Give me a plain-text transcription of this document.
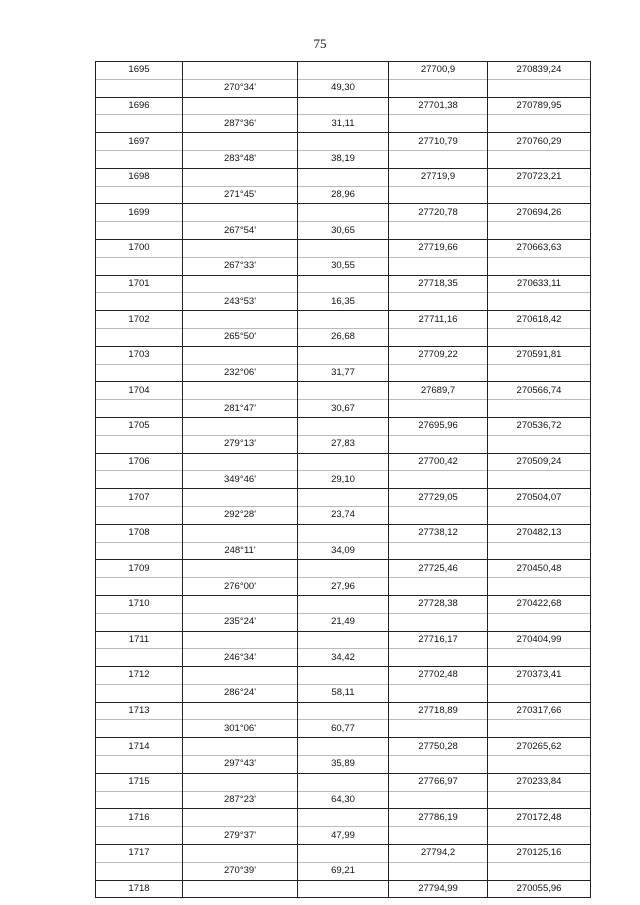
75
1695			27700,9	270839,24
	270°34'	49,30		
1696			27701,38	270789,95
	287°36'	31,11		
1697			27710,79	270760,29
	283°48'	38,19		
1698			27719,9	270723,21
	271°45'	28,96		
1699			27720,78	270694,26
	267°54'	30,65		
1700			27719,66	270663,63
	267°33'	30,55		
1701			27718,35	270633,11
	243°53'	16,35		
1702			27711,16	270618,42
	265°50'	26,68		
1703			27709,22	270591,81
	232°06'	31,77		
1704			27689,7	270566,74
	281°47'	30,67		
1705			27695,96	270536,72
	279°13'	27,83		
1706			27700,42	270509,24
	349°46'	29,10		
1707			27729,05	270504,07
	292°28'	23,74		
1708			27738,12	270482,13
	248°11'	34,09		
1709			27725,46	270450,48
	276°00'	27,96		
1710			27728,38	270422,68
	235°24'	21,49		
1711			27716,17	270404,99
	246°34'	34,42		
1712			27702,48	270373,41
	286°24'	58,11		
1713			27718,89	270317,66
	301°06'	60,77		
1714			27750,28	270265,62
	297°43'	35,89		
1715			27766,97	270233,84
	287°23'	64,30		
1716			27786,19	270172,48
	279°37'	47,99		
1717			27794,2	270125,16
	270°39'	69,21		
1718			27794,99	270055,96
